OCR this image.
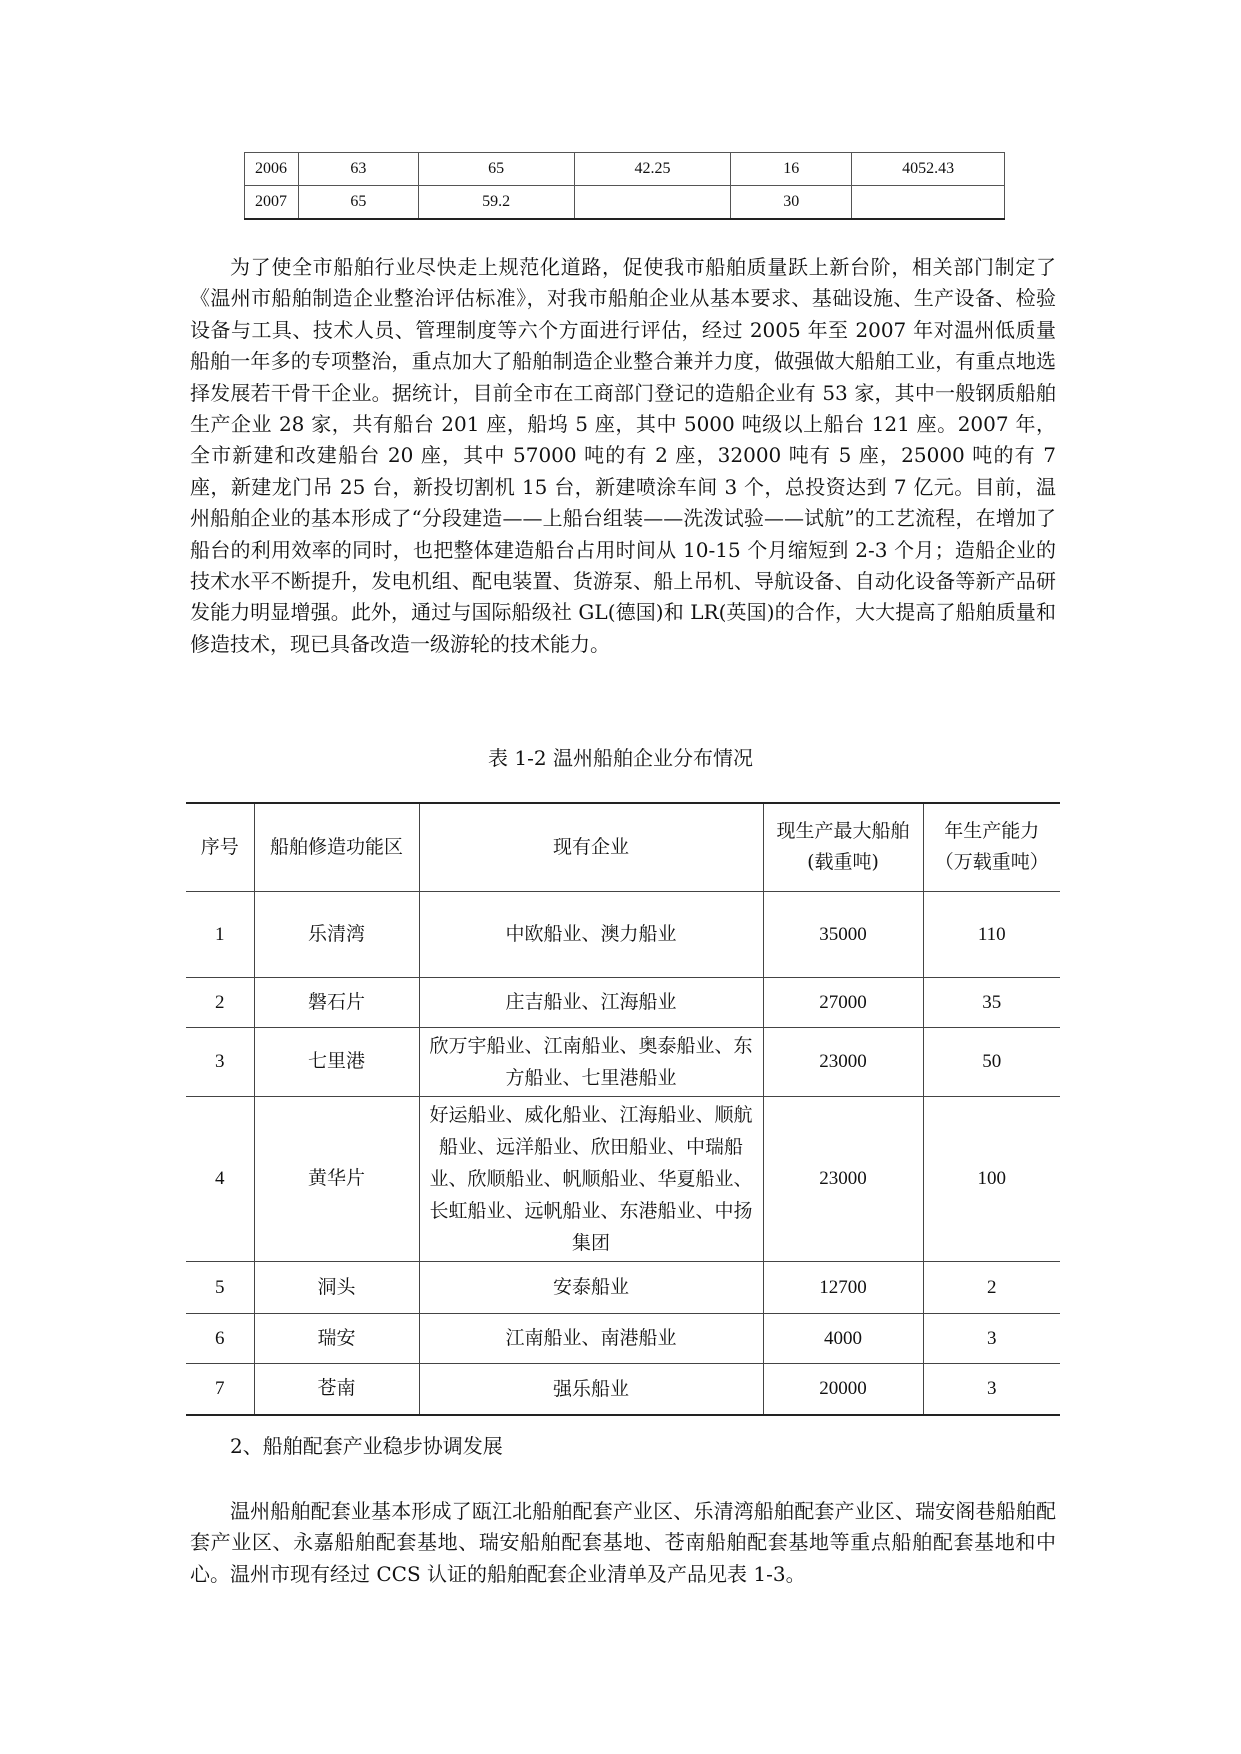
2006	63	65	42.25	16	4052.43
2007	65	59.2		30	

为了使全市船舶行业尽快走上规范化道路，促使我市船舶质量跃上新台阶，相关部门制定了《温州市船舶制造企业整治评估标准》，对我市船舶企业从基本要求、基础设施、生产设备、检验设备与工具、技术人员、管理制度等六个方面进行评估，经过 2005 年至 2007 年对温州低质量船舶一年多的专项整治，重点加大了船舶制造企业整合兼并力度，做强做大船舶工业，有重点地选择发展若干骨干企业。据统计，目前全市在工商部门登记的造船企业有 53 家，其中一般钢质船舶生产企业 28 家，共有船台 201 座，船坞 5 座，其中 5000 吨级以上船台 121 座。2007 年，全市新建和改建船台 20 座，其中 57000 吨的有 2 座，32000 吨有 5 座，25000 吨的有 7 座，新建龙门吊 25 台，新投切割机 15 台，新建喷涂车间 3 个，总投资达到 7 亿元。目前，温州船舶企业的基本形成了“分段建造——上船台组装——洗泼试验——试航”的工艺流程，在增加了船台的利用效率的同时，也把整体建造船台占用时间从 10-15 个月缩短到 2-3 个月；造船企业的技术水平不断提升，发电机组、配电装置、货游泵、船上吊机、导航设备、自动化设备等新产品研发能力明显增强。此外，通过与国际船级社 GL(德国)和 LR(英国)的合作，大大提高了船舶质量和修造技术，现已具备改造一级游轮的技术能力。

表 1-2 温州船舶企业分布情况

序号	船舶修造功能区	现有企业	现生产最大船舶(载重吨)	年生产能力（万载重吨）
1	乐清湾	中欧船业、澳力船业	35000	110
2	磐石片	庄吉船业、江海船业	27000	35
3	七里港	欣万宇船业、江南船业、奥泰船业、东方船业、七里港船业	23000	50
4	黄华片	好运船业、威化船业、江海船业、顺航船业、远洋船业、欣田船业、中瑞船业、欣顺船业、帆顺船业、华夏船业、长虹船业、远帆船业、东港船业、中扬集团	23000	100
5	洞头	安泰船业	12700	2
6	瑞安	江南船业、南港船业	4000	3
7	苍南	强乐船业	20000	3
2、船舶配套产业稳步协调发展

温州船舶配套业基本形成了瓯江北船舶配套产业区、乐清湾船舶配套产业区、瑞安阁巷船舶配套产业区、永嘉船舶配套基地、瑞安船舶配套基地、苍南船舶配套基地等重点船舶配套基地和中心。温州市现有经过 CCS 认证的船舶配套企业清单及产品见表 1-3。
